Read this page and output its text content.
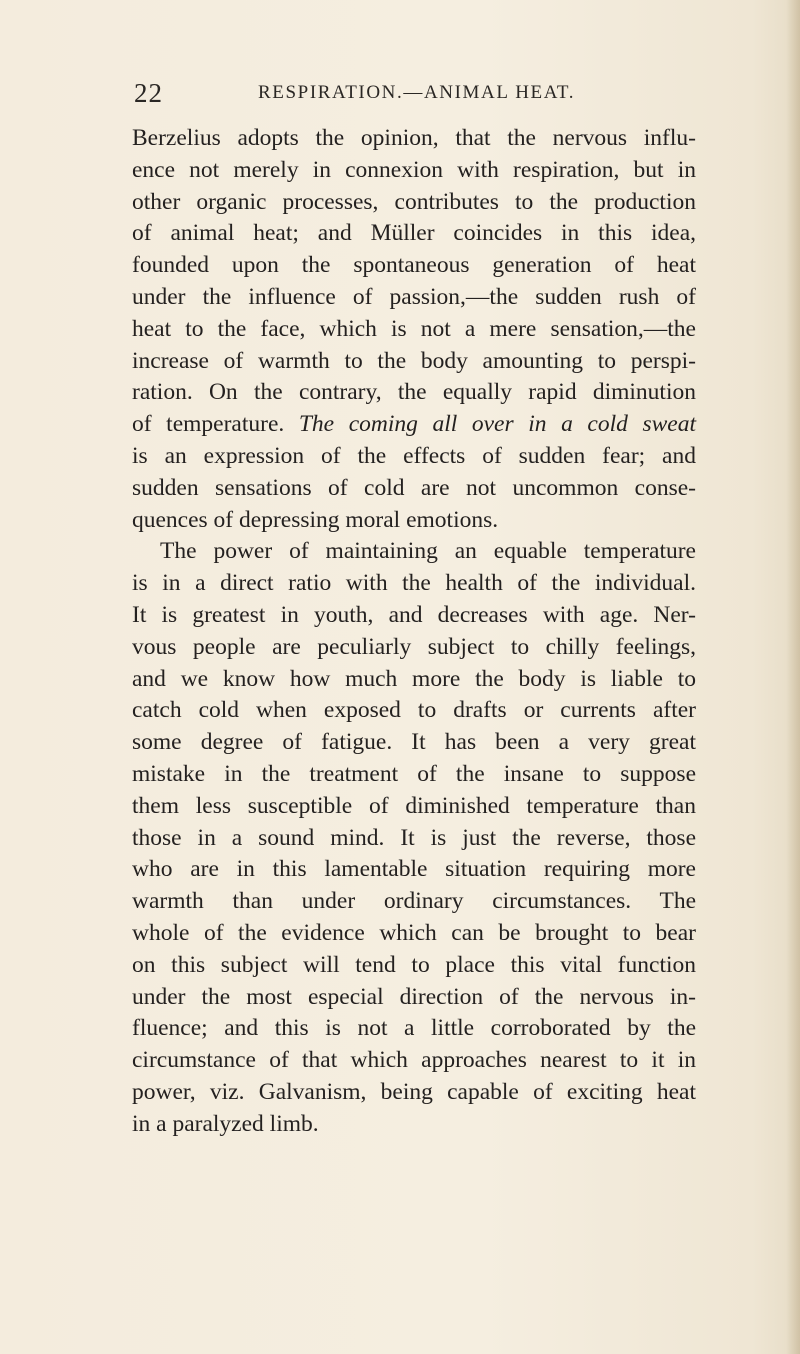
22	RESPIRATION.—ANIMAL HEAT.
Berzelius adopts the opinion, that the nervous influ-
ence not merely in connexion with respiration, but in
other organic processes, contributes to the production
of animal heat; and Müller coincides in this idea,
founded upon the spontaneous generation of heat
under the influence of passion,—the sudden rush of
heat to the face, which is not a mere sensation,—the
increase of warmth to the body amounting to perspi-
ration. On the contrary, the equally rapid diminution
of temperature. The coming all over in a cold sweat
is an expression of the effects of sudden fear; and
sudden sensations of cold are not uncommon conse-
quences of depressing moral emotions.
The power of maintaining an equable temperature
is in a direct ratio with the health of the individual.
It is greatest in youth, and decreases with age. Ner-
vous people are peculiarly subject to chilly feelings,
and we know how much more the body is liable to
catch cold when exposed to drafts or currents after
some degree of fatigue. It has been a very great
mistake in the treatment of the insane to suppose
them less susceptible of diminished temperature than
those in a sound mind. It is just the reverse, those
who are in this lamentable situation requiring more
warmth than under ordinary circumstances. The
whole of the evidence which can be brought to bear
on this subject will tend to place this vital function
under the most especial direction of the nervous in-
fluence; and this is not a little corroborated by the
circumstance of that which approaches nearest to it in
power, viz. Galvanism, being capable of exciting heat
in a paralyzed limb.
